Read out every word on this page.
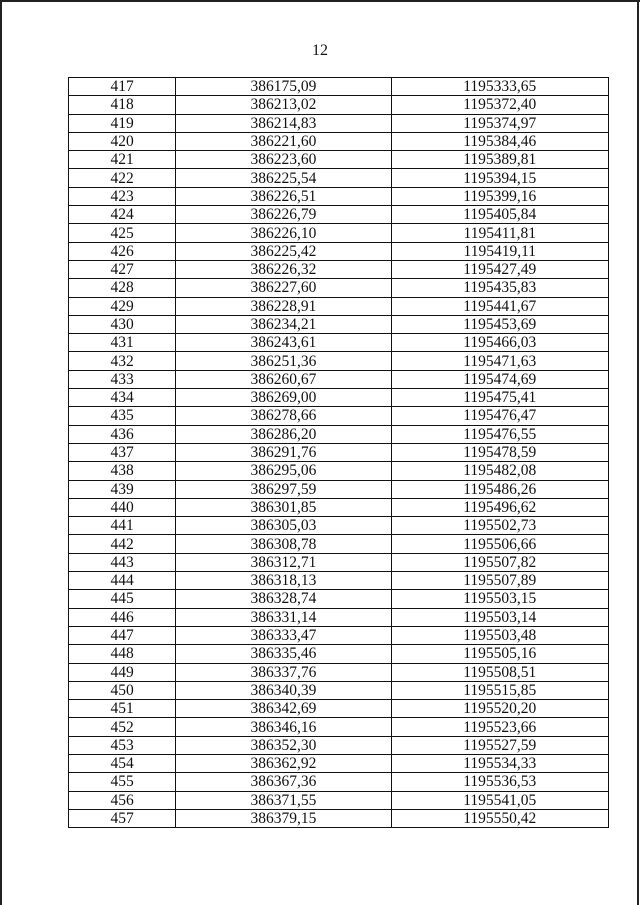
12
417	386175,09	1195333,65
418	386213,02	1195372,40
419	386214,83	1195374,97
420	386221,60	1195384,46
421	386223,60	1195389,81
422	386225,54	1195394,15
423	386226,51	1195399,16
424	386226,79	1195405,84
425	386226,10	1195411,81
426	386225,42	1195419,11
427	386226,32	1195427,49
428	386227,60	1195435,83
429	386228,91	1195441,67
430	386234,21	1195453,69
431	386243,61	1195466,03
432	386251,36	1195471,63
433	386260,67	1195474,69
434	386269,00	1195475,41
435	386278,66	1195476,47
436	386286,20	1195476,55
437	386291,76	1195478,59
438	386295,06	1195482,08
439	386297,59	1195486,26
440	386301,85	1195496,62
441	386305,03	1195502,73
442	386308,78	1195506,66
443	386312,71	1195507,82
444	386318,13	1195507,89
445	386328,74	1195503,15
446	386331,14	1195503,14
447	386333,47	1195503,48
448	386335,46	1195505,16
449	386337,76	1195508,51
450	386340,39	1195515,85
451	386342,69	1195520,20
452	386346,16	1195523,66
453	386352,30	1195527,59
454	386362,92	1195534,33
455	386367,36	1195536,53
456	386371,55	1195541,05
457	386379,15	1195550,42
